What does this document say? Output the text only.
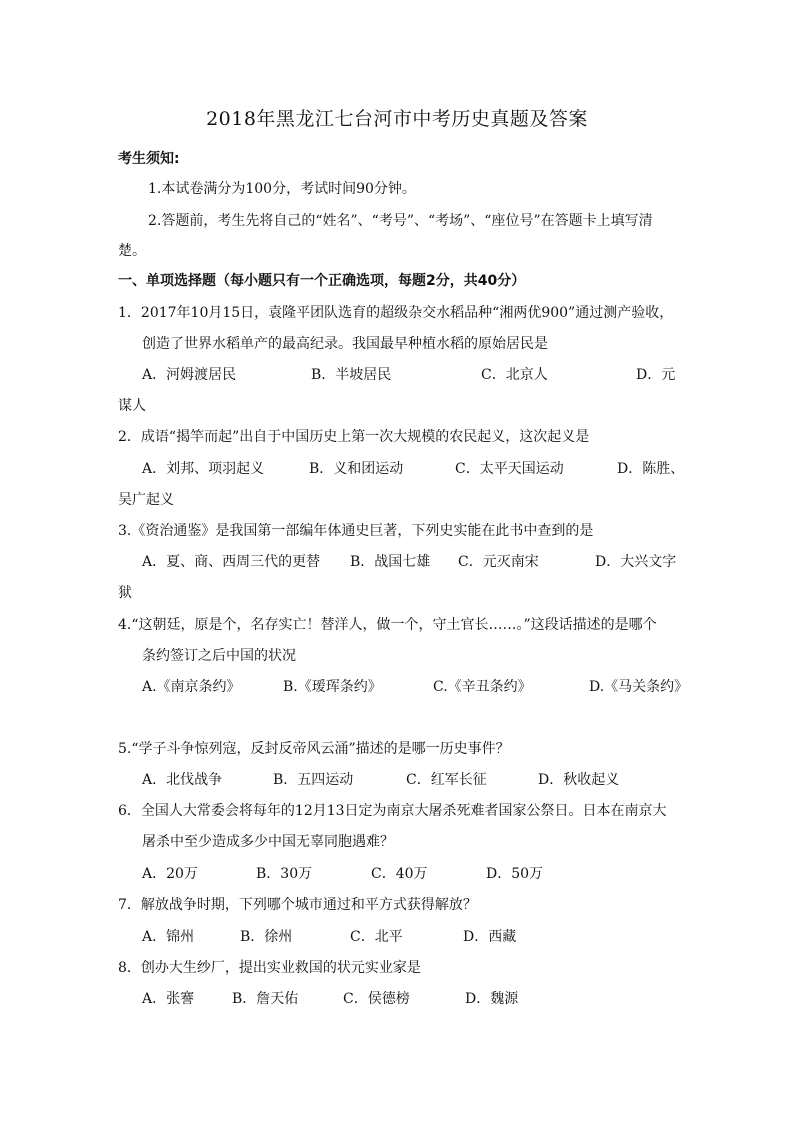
2018年黑龙江七台河市中考历史真题及答案
考生须知:
1.本试卷满分为100分，考试时间90分钟。
2.答题前，考生先将自己的“姓名”、“考号”、“考场”、“座位号”在答题卡上填写清
楚。
一、单项选择题（每小题只有一个正确选项，每题2分，共40分）
1．2017年10月15日，袁隆平团队选育的超级杂交水稻品种“湘两优900”通过测产验收，
创造了世界水稻单产的最高纪录。我国最早种植水稻的原始居民是
A．河姆渡居民	B．半坡居民	C．北京人	D．元
谋人
2．成语“揭竿而起”出自于中国历史上第一次大规模的农民起义，这次起义是
A．刘邦、项羽起义	B．义和团运动	C．太平天国运动	D．陈胜、
吴广起义
3.《资治通鉴》是我国第一部编年体通史巨著，下列史实能在此书中查到的是
A．夏、商、西周三代的更替 B．战国七雄 C．元灭南宋	D．大兴文字
狱
4.“这朝廷，原是个，名存实亡！替洋人，做一个，守土官长……。”这段话描述的是哪个
条约签订之后中国的状况
A.《南京条约》	B.《瑷珲条约》	C.《辛丑条约》	D.《马关条约》
5.“学子斗争惊列寇，反封反帝风云涌”描述的是哪一历史事件？
A．北伐战争	B．五四运动	C．红军长征	D．秋收起义
6．全国人大常委会将每年的12月13日定为南京大屠杀死难者国家公祭日。日本在南京大
屠杀中至少造成多少中国无辜同胞遇难？
A．20万	B．30万	C．40万	D．50万
7．解放战争时期，下列哪个城市通过和平方式获得解放？
A．锦州	B．徐州	C．北平	D．西藏
8．创办大生纱厂，提出实业救国的状元实业家是
A．张謇	B．詹天佑	C．侯德榜	D．魏源
